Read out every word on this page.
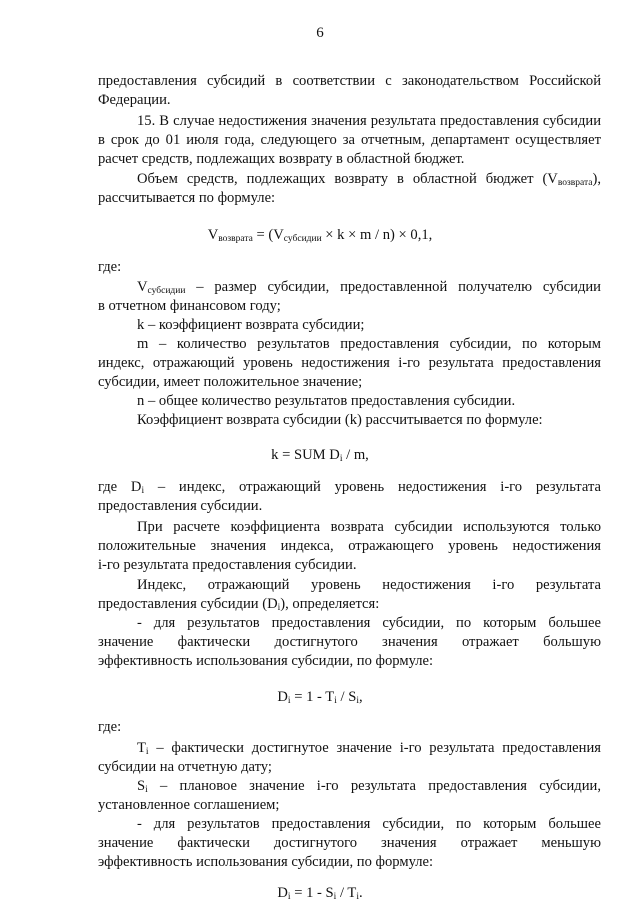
6
предоставления субсидий в соответствии с законодательством Российской
Федерации.
15. В случае недостижения значения результата предоставления субсидии
в срок до 01 июля года, следующего за отчетным, департамент осуществляет
расчет средств, подлежащих возврату в областной бюджет.
Объем средств, подлежащих возврату в областной бюджет $(V_{возврата})$,
рассчитывается по формуле:
$V_{возврата} = (V_{субсидии} \times k \times m / n) \times 0,1$,
где:
$V_{субсидии}$ – размер субсидии, предоставленной получателю субсидии
в отчетном финансовом году;
k – коэффициент возврата субсидии;
m – количество результатов предоставления субсидии, по которым
индекс, отражающий уровень недостижения i-го результата предоставления
субсидии, имеет положительное значение;
n – общее количество результатов предоставления субсидии.
Коэффициент возврата субсидии (k) рассчитывается по формуле:
k = SUM $D_i$ / m,
где $D_i$ – индекс, отражающий уровень недостижения i-го результата
предоставления субсидии.
При расчете коэффициента возврата субсидии используются только
положительные значения индекса, отражающего уровень недостижения
i-го результата предоставления субсидии.
Индекс, отражающий уровень недостижения i-го результата
предоставления субсидии $(D_i)$, определяется:
- для результатов предоставления субсидии, по которым большее
значение фактически достигнутого значения отражает большую
эффективность использования субсидии, по формуле:
$D_i = 1 - T_i / S_i$,
где:
$T_i$ – фактически достигнутое значение i-го результата предоставления
субсидии на отчетную дату;
$S_i$ – плановое значение i-го результата предоставления субсидии,
установленное соглашением;
- для результатов предоставления субсидии, по которым большее
значение фактически достигнутого значения отражает меньшую
эффективность использования субсидии, по формуле:
$D_i = 1 - S_i / T_i$.
